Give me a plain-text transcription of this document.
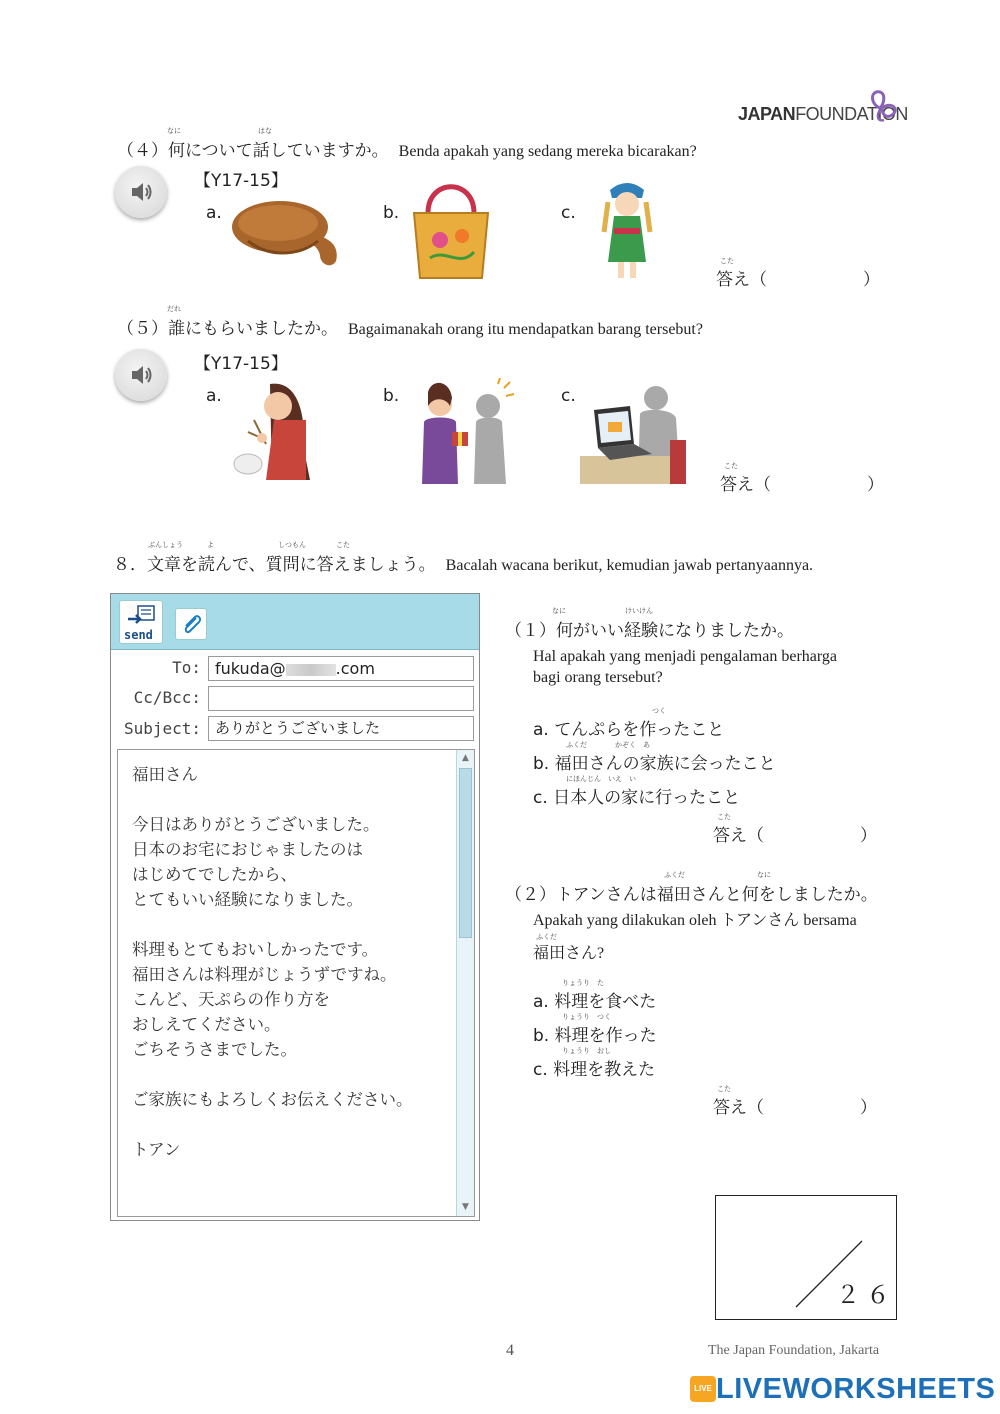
JAPANFOUNDATION
なに	はな
（４）何について話していますか。 Benda apakah yang sedang mereka bicarakan?
【Y17-15】
a.	b.	c.
こた
答え（	）
だれ
（５）誰にもらいましたか。 Bagaimanakah orang itu mendapatkan barang tersebut?
【Y17-15】
a.	b.	c.
こた
答え（	）
ぶんしょう	よ	しつもん	こた
８．文章を読んで、質問に答えましょう。 Bacalah wacana berikut, kemudian jawab pertanyaannya.
send
To: fukuda@	.com
Cc/Bcc:
Subject: ありがとうございました
福田さん

今日はありがとうございました。
日本のお宅におじゃましたのは
はじめてでしたから、
とてもいい経験になりました。

料理もとてもおいしかったです。
福田さんは料理がじょうずですね。
こんど、天ぷらの作り方を
おしえてください。
ごちそうさまでした。

ご家族にもよろしくお伝えください。

トアン
▲
▼
なに	けいけん
（１）何がいい経験になりましたか。
Hal apakah yang menjadi pengalaman berharga
bagi orang tersebut?
つく
a. てんぷらを作ったこと
ふくだ　　　　かぞく　あ
b. 福田さんの家族に会ったこと
にほんじん　いえ　い
c. 日本人の家に行ったこと
こた
答え（	）
ふくだ	なに
（２）トアンさんは福田さんと何をしましたか。
Apakah yang dilakukan oleh トアンさん bersama
ふくだ
福田さん?
りょうり　た
a. 料理を食べた
りょうり　つく
b. 料理を作った
りょうり　おし
c. 料理を教えた
こた
答え（	）
２６
4	The Japan Foundation, Jakarta
LIVE LIVEWORKSHEETS
